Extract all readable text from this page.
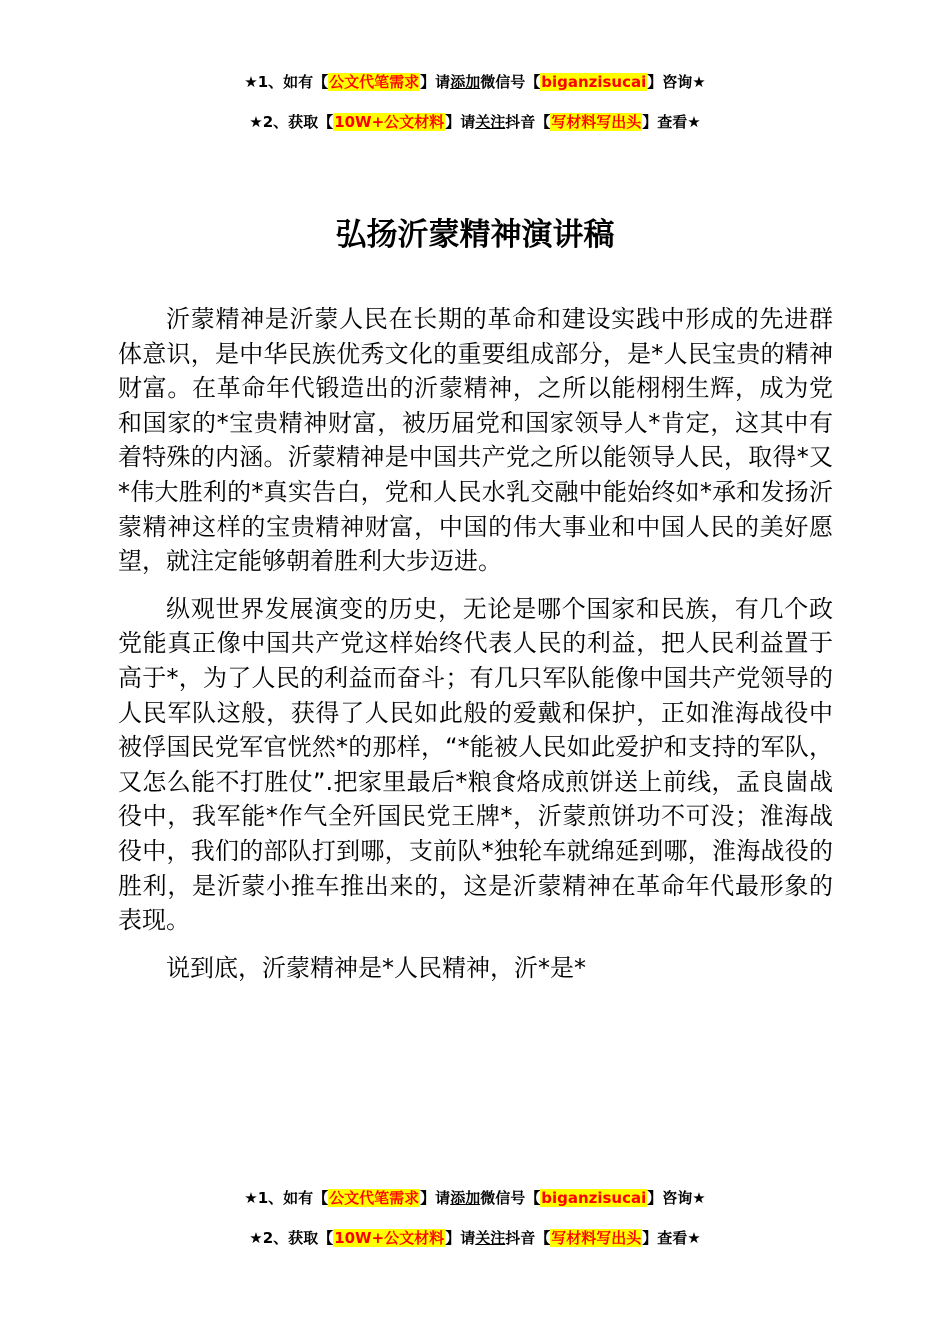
★1、如有【公文代笔需求】请添加微信号【biganzisucai】咨询★
★2、获取【10W+公文材料】请关注抖音【写材料写出头】查看★
弘扬沂蒙精神演讲稿

沂蒙精神是沂蒙人民在长期的革命和建设实践中形成的先进群体意识，是中华民族优秀文化的重要组成部分，是*人民宝贵的精神财富。在革命年代锻造出的沂蒙精神，之所以能栩栩生辉，成为党和国家的*宝贵精神财富，被历届党和国家领导人*肯定，这其中有着特殊的内涵。沂蒙精神是中国共产党之所以能领导人民，取得*又*伟大胜利的*真实告白，党和人民水乳交融中能始终如*承和发扬沂蒙精神这样的宝贵精神财富，中国的伟大事业和中国人民的美好愿望，就注定能够朝着胜利大步迈进。

纵观世界发展演变的历史，无论是哪个国家和民族，有几个政党能真正像中国共产党这样始终代表人民的利益，把人民利益置于高于*，为了人民的利益而奋斗；有几只军队能像中国共产党领导的人民军队这般，获得了人民如此般的爱戴和保护，正如淮海战役中被俘国民党军官恍然*的那样，“*能被人民如此爱护和支持的军队，又怎么能不打胜仗”.把家里最后*粮食烙成煎饼送上前线，孟良崮战役中，我军能*作气全歼国民党王牌*，沂蒙煎饼功不可没；淮海战役中，我们的部队打到哪，支前队*独轮车就绵延到哪，淮海战役的胜利，是沂蒙小推车推出来的，这是沂蒙精神在革命年代最形象的表现。

说到底，沂蒙精神是*人民精神，沂*是*

★1、如有【公文代笔需求】请添加微信号【biganzisucai】咨询★
★2、获取【10W+公文材料】请关注抖音【写材料写出头】查看★
